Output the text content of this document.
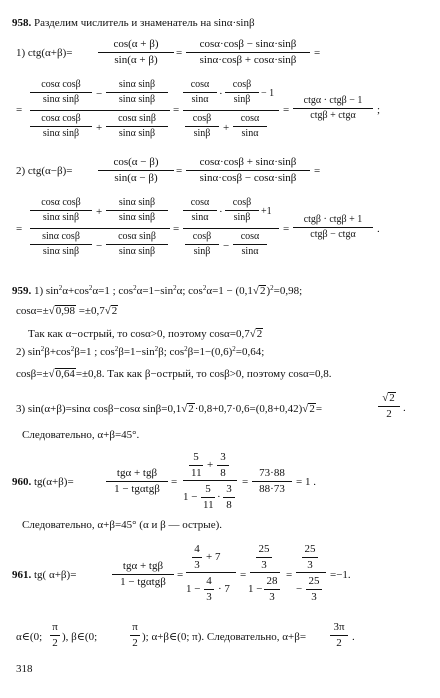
958. Разделим числитель и знаменатель на sinα·sinβ
1) $ctg(\alpha+\beta)= \frac{\cos(\alpha + \beta)}{\sin(\alpha + \beta)} = \frac{\cos\alpha\cdot\cos\beta - \sin\alpha\cdot\sin\beta}{\sin\alpha\cdot\cos\beta + \cos\alpha\cdot\sin\beta}$ =
=
$\frac{\text{cosα cosβ}}{\text{sinα sinβ}} - \frac{\text{sinα sinβ}}{\text{sinα sinβ}}$
$\frac{\text{cosα cosβ}}{\text{sinα sinβ}} + \frac{\text{cosα sinβ}}{\text{sinα sinβ}}$
=
$\frac{\cos\alpha}{\sin\alpha} \cdot \frac{\cos\beta}{\sin\beta} - 1$
$\frac{\cos\beta}{\sin\beta} + \frac{\cos\alpha}{\sin\alpha}$
=
ctgα · ctgβ − 1
ctgβ + ctgα	;
2) $ctg(\alpha-\beta)= \frac{\cos(\alpha - \beta)}{\sin(\alpha - \beta)} = \frac{\cos\alpha\cdot\cos\beta + \sin\alpha\cdot\sin\beta}{\sin\alpha\cdot\cos\beta - \cos\alpha\cdot\sin\beta}$ =
=
$\frac{\text{cosα cosβ}}{\text{sinα sinβ}} + \frac{\text{sinα sinβ}}{\text{sinα sinβ}}$
$\frac{\text{sinα cosβ}}{\text{sinα sinβ}} - \frac{\text{cosα sinβ}}{\text{sinα sinβ}}$
=
$\frac{\cos\alpha}{\sin\alpha} \cdot \frac{\cos\beta}{\sin\beta} +1$
$\frac{\cos\beta}{\sin\beta} - \frac{\cos\alpha}{\sin\alpha}$
=
ctgβ · ctgβ + 1
ctgβ − ctgα	.
959. 1) $\sin^2\alpha+\cos^2\alpha=1$ ; $\cos^2\alpha=1-\sin^2\alpha$; $\cos^2\alpha=1 - (0,1√2)^2=0,98$;
cosα=±√0,98 =±0,7√2
Так как α−острый, то cosα>0, поэтому cosα=0,7√2
2) $\sin^2\beta+\cos^2\beta=1$ ; $\cos^2\beta=1-\sin^2\beta$; $\cos^2\beta=1-(0,6)^2=0,64$;
cosβ=±√0,64=±0,8. Так как β−острый, то cosβ>0, поэтому cosα=0,8.
3) sin(α+β)=sinα cosβ−cosα sinβ=0,1√2·0,8+0,7·0,6=(0,8+0,42)√2=	$\frac{√2}{2}$ .
Следовательно, α+β=45°.
960. tg(α+β)=
tgα + tgβ
1 − tgαtgβ
=
$\frac{5}{11} + \frac{3}{8}$
$1 - \frac{5}{11} \cdot \frac{3}{8}$
= $\frac{73\cdot 88}{88\cdot 73} = 1$ .
Следовательно, α+β=45° (α и β — острые).
961. tg( α+β)=
tgα + tgβ
1 − tgαtgβ
=
$\frac{4}{3} + 7$
$1 - \frac{4}{3} \cdot 7$
=
$\frac{25}{3}$
$1 - \frac{28}{3}$
=
$\frac{25}{3}$
− $\frac{25}{3}$
=−1.
α∈(0; $\frac{\pi}{2}$ ), β∈(0;	$\frac{\pi}{2}$ ); α+β∈(0; π). Следовательно, $\alpha+\beta= \frac{3\pi}{2}$ .
318
